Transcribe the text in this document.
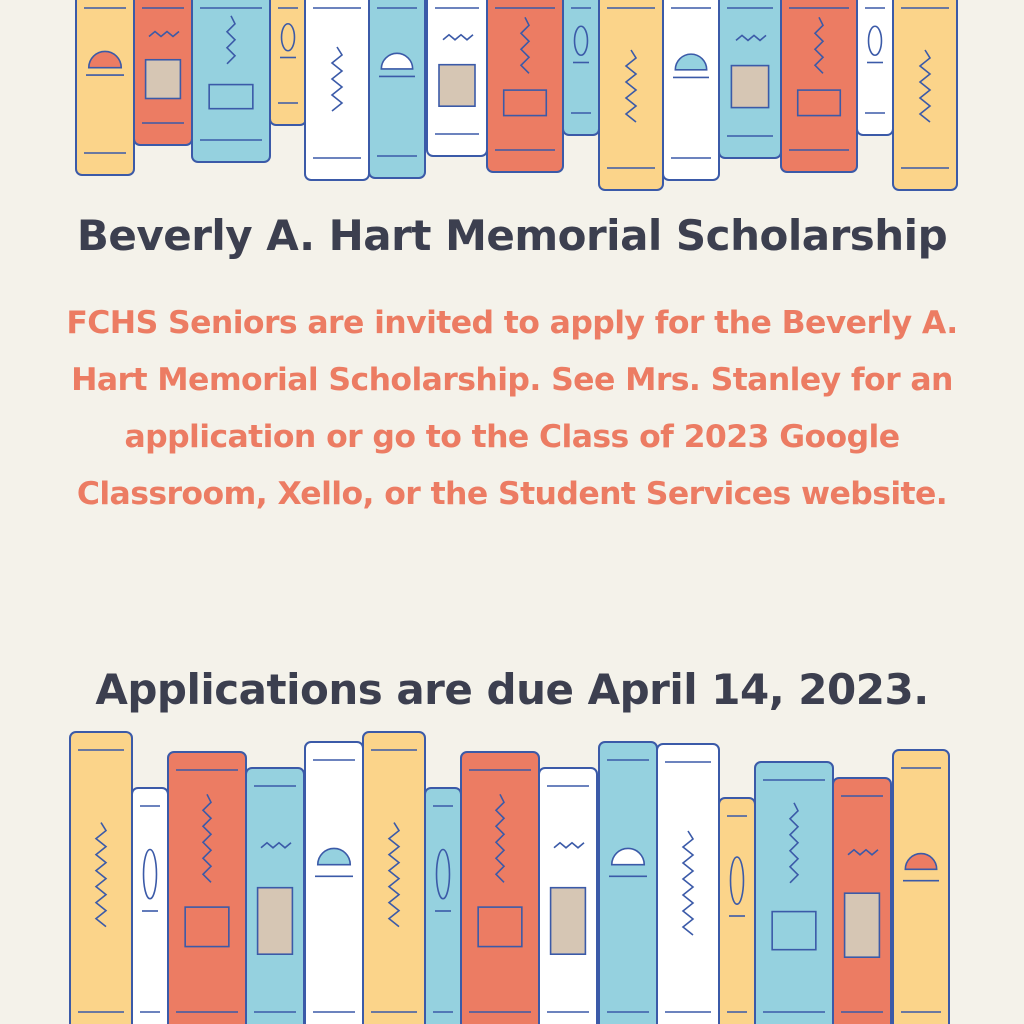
Beverly A. Hart Memorial Scholarship
FCHS Seniors are invited to apply for the Beverly A. Hart Memorial Scholarship. See Mrs. Stanley for an application or go to the Class of 2023 Google Classroom, Xello, or the Student Services website.
Applications are due April 14, 2023.
